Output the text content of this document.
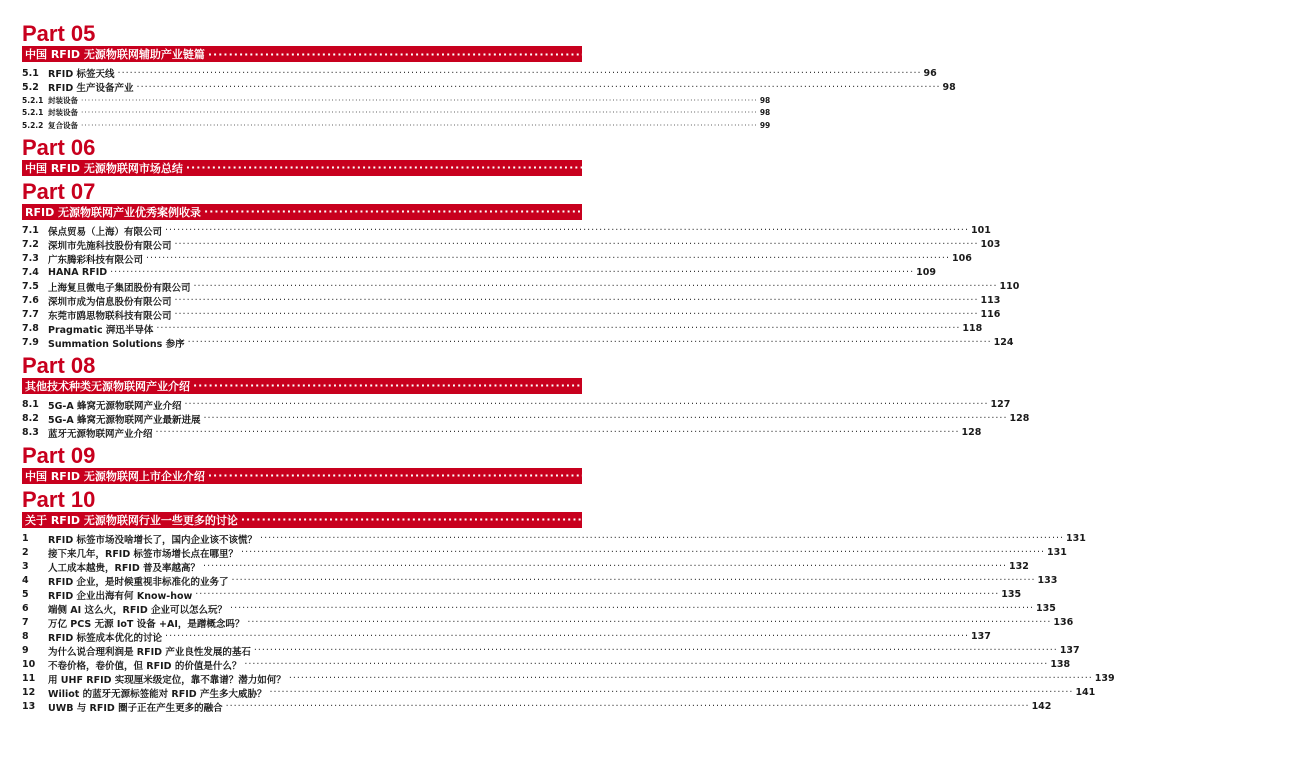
Part 05
中国 RFID 无源物联网辅助产业链篇 ········································································································································································································ 96
5.1 RFID 标签天线 ········································································································································································································ 96
5.2 RFID 生产设备产业 ········································································································································································································ 98
5.2.1 封装设备 ········································································································································································································ 98
5.2.1 封装设备 ········································································································································································································ 98
5.2.2 复合设备 ········································································································································································································ 99
Part 06
中国 RFID 无源物联网市场总结 ········································································································································································································ 100
Part 07
RFID 无源物联网产业优秀案例收录 ········································································································································································································ 101
7.1 保点贸易（上海）有限公司 ········································································································································································································ 101
7.2 深圳市先施科技股份有限公司 ········································································································································································································ 103
7.3 广东腾彩科技有限公司 ········································································································································································································ 106
7.4 HANA RFID ········································································································································································································ 109
7.5 上海复旦微电子集团股份有限公司 ········································································································································································································ 110
7.6 深圳市成为信息股份有限公司 ········································································································································································································ 113
7.7 东莞市鸥思物联科技有限公司 ········································································································································································································ 116
7.8 Pragmatic 湃迅半导体 ········································································································································································································ 118
7.9 Summation Solutions 参序 ········································································································································································································ 124
Part 08
其他技术种类无源物联网产业介绍 ········································································································································································································ 127
8.1 5G-A 蜂窝无源物联网产业介绍 ········································································································································································································ 127
8.2 5G-A 蜂窝无源物联网产业最新进展 ········································································································································································································ 128
8.3 蓝牙无源物联网产业介绍 ········································································································································································································ 128
Part 09
中国 RFID 无源物联网上市企业介绍 ········································································································································································································ 130
Part 10
关于 RFID 无源物联网行业一些更多的讨论 ········································································································································································································ 131
1	RFID 标签市场没啥增长了，国内企业该不该慌？ ········································································································································································································ 131
2	接下来几年，RFID 标签市场增长点在哪里？ ········································································································································································································ 131
3	人工成本越贵，RFID 普及率越高？ ········································································································································································································ 132
4	RFID 企业，是时候重视非标准化的业务了 ········································································································································································································ 133
5	RFID 企业出海有何 Know-how ········································································································································································································ 135
6	端侧 AI 这么火，RFID 企业可以怎么玩？ ········································································································································································································ 135
7	万亿 PCS 无源 IoT 设备 +AI，是蹭概念吗？ ········································································································································································································ 136
8	RFID 标签成本优化的讨论 ········································································································································································································ 137
9	为什么说合理利润是 RFID 产业良性发展的基石 ········································································································································································································ 137
10	不卷价格，卷价值，但 RFID 的价值是什么？ ········································································································································································································ 138
11	用 UHF RFID 实现厘米级定位，靠不靠谱？潜力如何？ ········································································································································································································ 139
12	Wiliot 的蓝牙无源标签能对 RFID 产生多大威胁？ ········································································································································································································ 141
13	UWB 与 RFID 圈子正在产生更多的融合 ········································································································································································································ 142
